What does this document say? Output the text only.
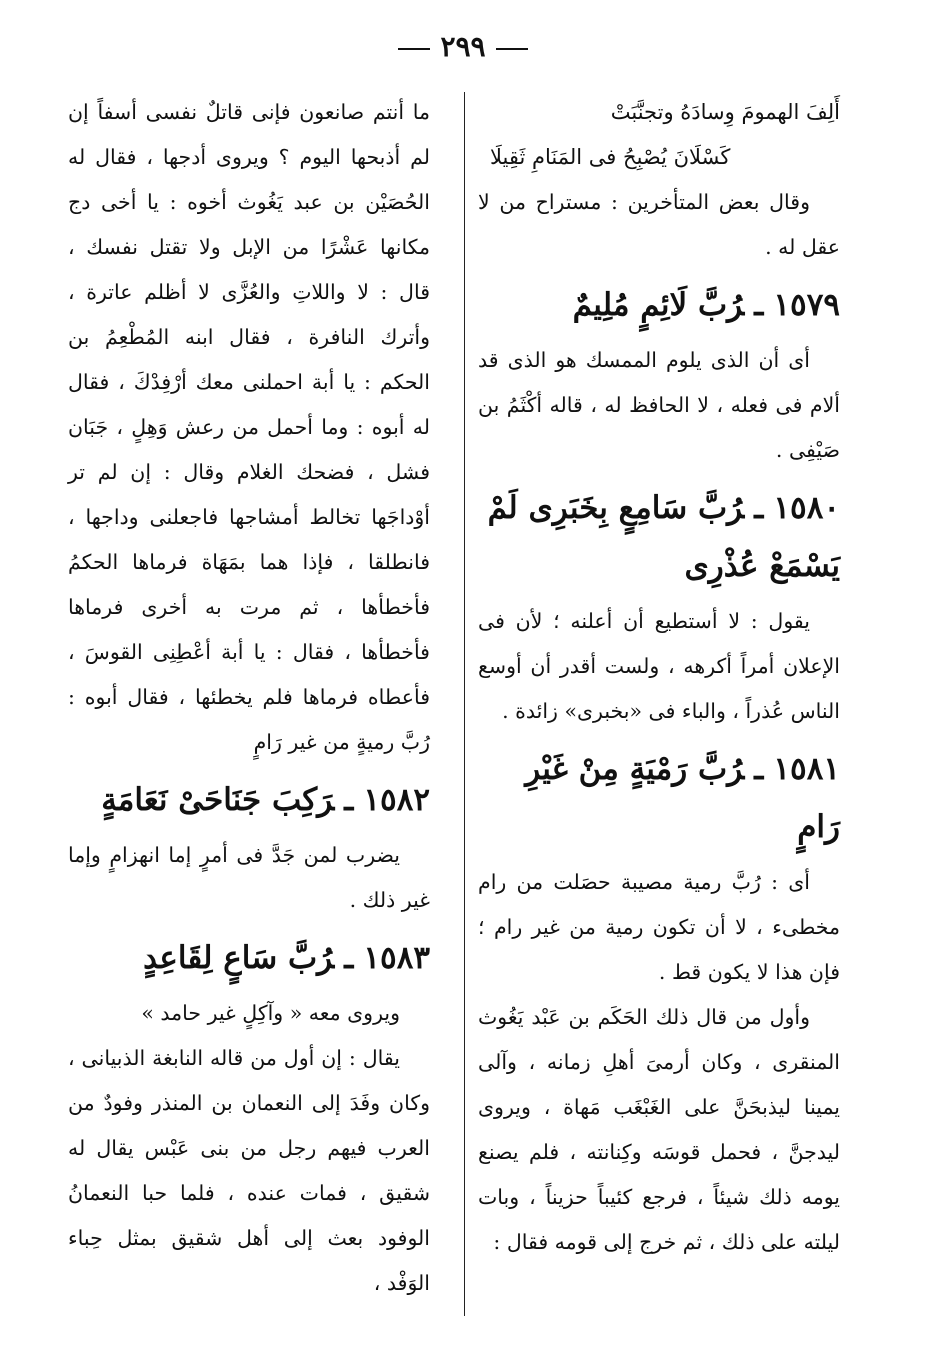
٢٩٩

أَلِفَ الهمومَ وِسادَهُ وتجنَّبَتْ

كَسْلَانَ يُصْبِحُ فى المَنَامِ ثَقِيلَا

وقال بعض المتأخرين : مستراح من لا عقل له .

١٥٧٩ـرُبَّ لَائِمٍ مُلِيمٌ

أى أن الذى يلوم الممسك هو الذى قد ألام فى فعله ، لا الحافظ له ، قاله أكْثَمُ بن صَيْفِى .

١٥٨٠ـرُبَّ سَامِعٍ بِخَبَرِى لَمْ يَسْمَعْ عُذْرِى

يقول : لا أستطيع أن أعلنه ؛ لأن فى الإعلان أمراً أكرهه ، ولست أقدر أن أوسع الناس عُذراً ، والباء فى «بخبرى» زائدة .

١٥٨١ـرُبَّ رَمْيَةٍ مِنْ غَيْرِ رَامٍ

أى : رُبَّ رمية مصيبة حصَلت من رام مخطىء ، لا أن تكون رمية من غير رام ؛ فإن هذا لا يكون قط .

وأول من قال ذلك الحَكَم بن عَبْد يَغُوث المنقرى ، وكان أرمىَ أهلِ زمانه ، وآلى يمينا ليذبحَنَّ على الغَبْغَب مَهاة ، ويروى ليدجنَّ ، فحمل قوسَه وكِنانته ، فلم يصنع يومه ذلك شيئاً ، فرجع كئيباً حزيناً ، وبات ليلته على ذلك ، ثم خرج إلى قومه فقال :

ما أنتم صانعون فإنى قاتلٌ نفسى أسفاً إن لم أذبحها اليوم ؟ ويروى أدجها ، فقال له الحُصَيْن بن عبد يَغُوث أخوه : يا أخى دج مكانها عَشْرًا من الإبل ولا تقتل نفسك ، قال : لا واللاتِ والعُزَّى لا أظلم عاترة ، وأترك النافرة ، فقال ابنه المُطْعِمُ بن الحكم : يا أبة احملنى معك أرْفِدْكَ ، فقال له أبوه : وما أحمل من رعش وَهِلٍ ، جَبَان فشل ، فضحك الغلام وقال : إن لم تر أوْداجَها تخالط أمشاجها فاجعلنى وداجها ، فانطلقا ، فإذا هما بمَهَاة فرماها الحكمُ فأخطأها ، ثم مرت به أخرى فرماها فأخطأها ، فقال : يا أبة أعْطِنِى القوسَ ، فأعطاه فرماها فلم يخطئها ، فقال أبوه : رُبَّ رميةٍ من غير رَامٍ

١٥٨٢ـرَكِبَ جَنَاحَىْ نَعَامَةٍ

يضرب لمن جَدَّ فى أمرٍ إما انهزامٍ وإما غير ذلك .

١٥٨٣ـرُبَّ سَاعٍ لِقَاعِدٍ

ويروى معه « وآكِلٍ غير حامد »

يقال : إن أول من قاله النابغة الذبيانى ، وكان وفَدَ إلى النعمان بن المنذر وفودٌ من العرب فيهم رجل من بنى عَبْس يقال له شقيق ، فمات عنده ، فلما حبا النعمانُ الوفود بعث إلى أهل شقيق بمثل حِباء الوَفْد ،
